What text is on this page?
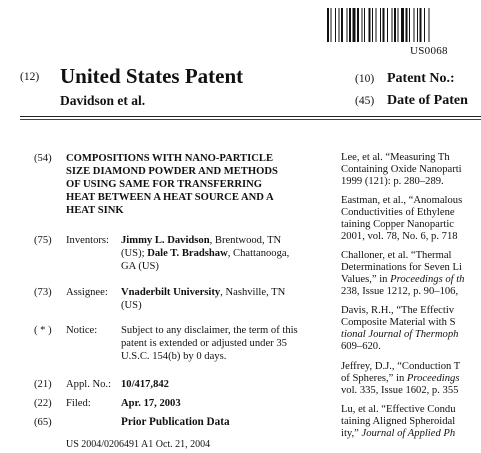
US0068
(12) United States Patent
Davidson et al.
(10) Patent No.:
(45) Date of Paten
(54) COMPOSITIONS WITH NANO-PARTICLE
SIZE DIAMOND POWDER AND METHODS
OF USING SAME FOR TRANSFERRING
HEAT BETWEEN A HEAT SOURCE AND A
HEAT SINK
(75) Inventors: Jimmy L. Davidson, Brentwood, TN
(US); Dale T. Bradshaw, Chattanooga,
GA (US)
(73) Assignee: Vnaderbilt University, Nashville, TN
(US)
( * ) Notice: Subject to any disclaimer, the term of this
patent is extended or adjusted under 35
U.S.C. 154(b) by 0 days.
(21) Appl. No.: 10/417,842
(22) Filed:	Apr. 17, 2003
(65)	Prior Publication Data
US 2004/0206491 A1 Oct. 21, 2004
Lee, et al. “Measuring Th
Containing Oxide Nanoparti
1999 (121): p. 280–289.
Eastman, et al., “Anomalous
Conductivities of Ethylene
taining Copper Nanopartic
2001, vol. 78, No. 6, p. 718
Challoner, et al. “Thermal
Determinations for Seven Li
Values,” in Proceedings of th
238, Issue 1212, p. 90–106,
Davis, R.H., “The Effectiv
Composite Material with S
tional Journal of Thermoph
609–620.
Jeffrey, D.J., “Conduction T
of Spheres,” in Proceedings
vol. 335, Issue 1602, p. 355
Lu, et al. “Effective Condu
taining Aligned Spheroidal
ity,” Journal of Applied Ph
